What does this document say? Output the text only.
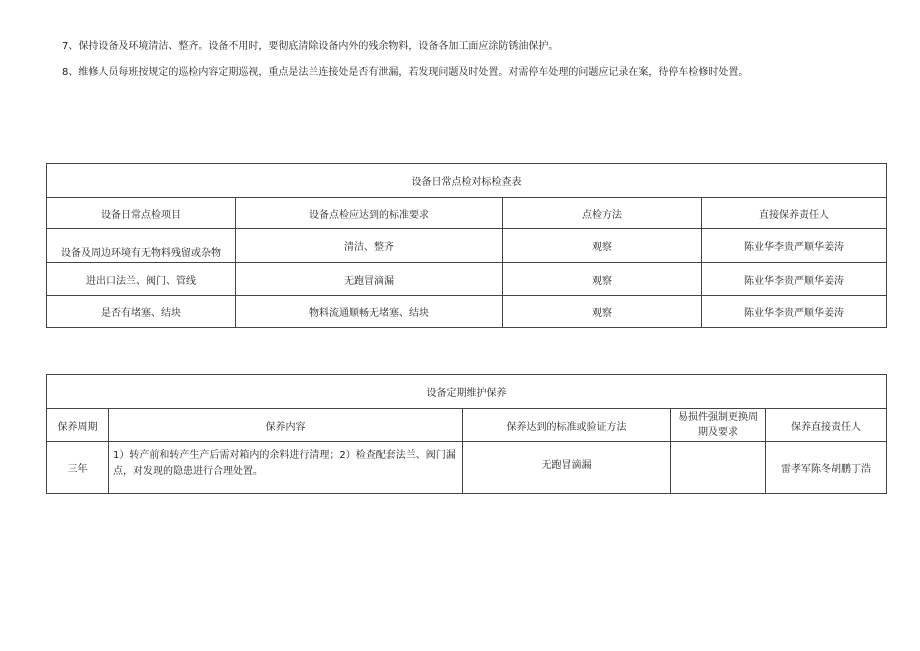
7、保持设备及环境清洁、整齐。设备不用时，要彻底清除设备内外的残余物料，设备各加工面应涂防锈油保护。
8、维修人员每班按规定的巡检内容定期巡视，重点是法兰连接处是否有泄漏，若发现问题及时处置。对需停车处理的问题应记录在案，待停车检修时处置。
设备日常点检对标检查表			
设备日常点检项目	设备点检应达到的标准要求	点检方法	直接保养责任人
设备及周边环境有无物料残留或杂物	清洁、整齐	观察	陈业华李贵严顺华姜涛
进出口法兰、阀门、管线	无跑冒滴漏	观察	陈业华李贵严顺华姜涛
是否有堵塞、结块	物料流通顺畅无堵塞、结块	观察	陈业华李贵严顺华姜涛
设备定期维护保养				
保养周期	保养内容	保养达到的标准或验证方法	易损件强制更换周期及要求	保养直接责任人
三年	1）转产前和转产生产后需对箱内的余料进行清理；2）检查配套法兰、阀门漏点，对发现的隐患进行合理处置。	无跑冒滴漏		雷孝军陈冬胡鹏丁浩
